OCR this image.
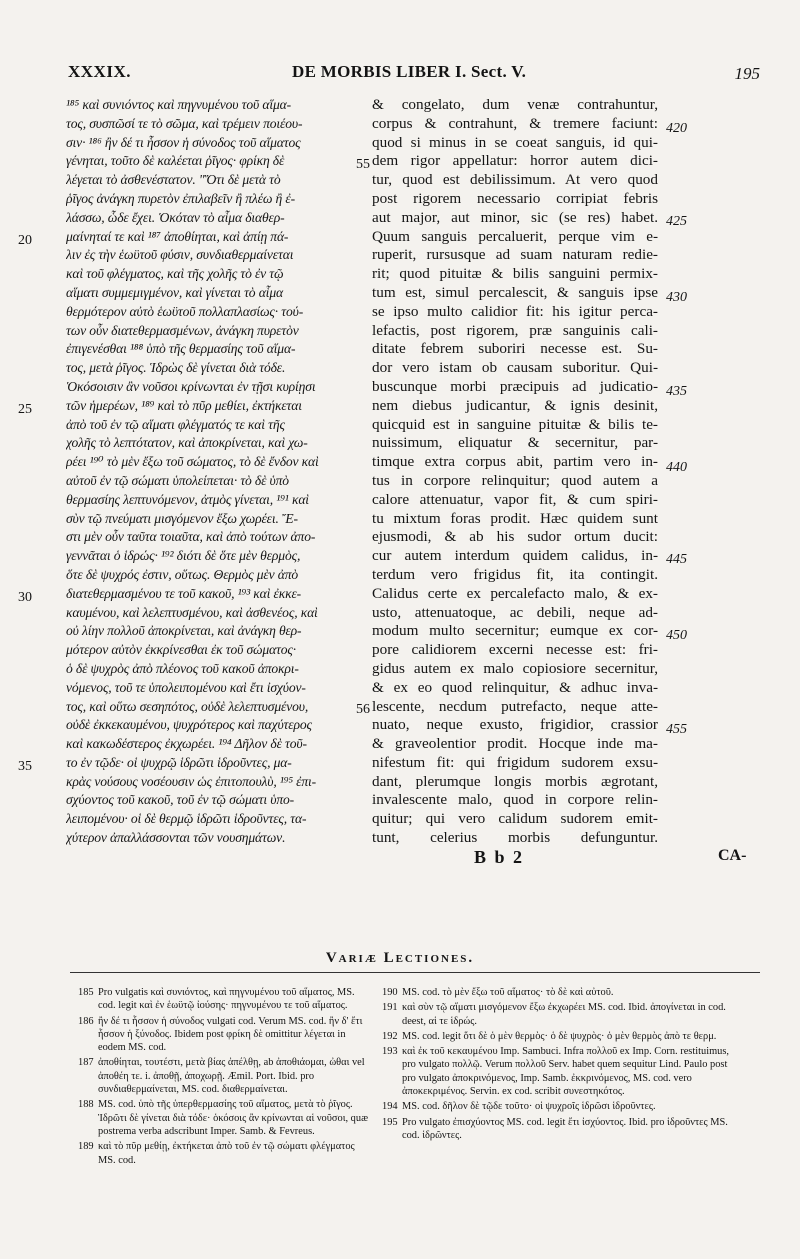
XXXIX.	DE MORBIS LIBER I. Sect. V.	195
¹⁸⁵ καὶ συνιόντος καὶ πηγνυμένου τοῦ αἵμα-
τος, συσπῶσί τε τὸ σῶμα, καὶ τρέμειν ποιέου-
σιν· ¹⁸⁶ ἢν δέ τι ἧσσον ἡ σύνοδος τοῦ αἵματος
γένηται, τοῦτο δὲ καλέεται ῥῖγος· φρίκη δὲ
λέγεται τὸ ἀσθενέστατον. "Ὅτι δὲ μετὰ τὸ
ῥῖγος ἀνάγκη πυρετὸν ἐπιλαβεῖν ἢ πλέω ἢ ἐ-
λάσσω, ὧδε ἔχει. Ὁκόταν τὸ αἷμα διαθερ-
μαίνηταί τε καὶ ¹⁸⁷ ἀποθίηται, καὶ ἀπίῃ πά-
λιν ἐς τὴν ἑωϋτοῦ φύσιν, συνδιαθερμαίνεται
καὶ τοῦ φλέγματος, καὶ τῆς χολῆς τὸ ἐν τῷ
αἵματι συμμεμιγμένον, καὶ γίνεται τὸ αἷμα
θερμότερον αὐτὸ ἑωϋτοῦ πολλαπλασίως· τού-
των οὖν διατεθερμασμένων, ἀνάγκη πυρετὸν
ἐπιγενέσθαι ¹⁸⁸ ὑπὸ τῆς θερμασίης τοῦ αἵμα-
τος, μετὰ ῥῖγος. Ἱδρὼς δὲ γίνεται διὰ τόδε.
Ὁκόσοισιν ἂν νοῦσοι κρίνωνται ἐν τῇσι κυρίῃσι
τῶν ἡμερέων, ¹⁸⁹ καὶ τὸ πῦρ μεθίει, ἐκτήκεται
ἀπὸ τοῦ ἐν τῷ αἵματι φλέγματός τε καὶ τῆς
χολῆς τὸ λεπτότατον, καὶ ἀποκρίνεται, καὶ χω-
ρέει ¹⁹⁰ τὸ μὲν ἔξω τοῦ σώματος, τὸ δὲ ἔνδον καὶ
αὐτοῦ ἐν τῷ σώματι ὑπολείπεται· τὸ δὲ ὑπὸ
θερμασίης λεπτυνόμενον, ἀτμὸς γίνεται, ¹⁹¹ καὶ
σὺν τῷ πνεύματι μισγόμενον ἔξω χωρέει. Ἔ-
στι μὲν οὖν ταῦτα τοιαῦτα, καὶ ἀπὸ τούτων ἀπο-
γεννᾶται ὁ ἱδρώς· ¹⁹² διότι δὲ ὅτε μὲν θερμὸς,
ὅτε δὲ ψυχρός ἐστιν, οὕτως. Θερμὸς μὲν ἀπὸ
διατεθερμασμένου τε τοῦ κακοῦ, ¹⁹³ καὶ ἐκκε-
καυμένου, καὶ λελεπτυσμένου, καὶ ἀσθενέος, καὶ
οὐ λίην πολλοῦ ἀποκρίνεται, καὶ ἀνάγκη θερ-
μότερον αὐτὸν ἐκκρίνεσθαι ἐκ τοῦ σώματος·
ὁ δὲ ψυχρὸς ἀπὸ πλέονος τοῦ κακοῦ ἀποκρι-
νόμενος, τοῦ τε ὑπολειπομένου καὶ ἔτι ἰσχύον-
τος, καὶ οὕτω σεσηπότος, οὐδὲ λελεπτυσμένου,
οὐδὲ ἐκκεκαυμένου, ψυχρότερος καὶ παχύτερος
καὶ κακωδέστερος ἐκχωρέει. ¹⁹⁴ Δῆλον δὲ τοῦ-
το ἐν τῷδε· οἱ ψυχρῷ ἱδρῶτι ἱδροῦντες, μα-
κρὰς νούσους νοσέουσιν ὡς ἐπιτοπουλὺ, ¹⁹⁵ ἐπι-
σχύοντος τοῦ κακοῦ, τοῦ ἐν τῷ σώματι ὑπο-
λειπομένου· οἱ δὲ θερμῷ ἱδρῶτι ἱδροῦντες, τα-
χύτερον ἀπαλλάσσονται τῶν νουσημάτων.
& congelato, dum venæ contrahuntur,
corpus & contrahunt, & tremere faciunt:
quod si minus in se coeat sanguis, id qui-
dem rigor appellatur: horror autem dici-
tur, quod est debilissimum. At vero quod
post rigorem necessario corripiat febris
aut major, aut minor, sic (se res) habet.
Quum sanguis percaluerit, perque vim e-
ruperit, rursusque ad suam naturam redie-
rit; quod pituitæ & bilis sanguini permix-
tum est, simul percalescit, & sanguis ipse
se ipso multo calidior fit: his igitur perca-
lefactis, post rigorem, præ sanguinis cali-
ditate febrem suboriri necesse est. Su-
dor vero istam ob causam suboritur. Qui-
buscunque morbi præcipuis ad judicatio-
nem diebus judicantur, & ignis desinit,
quicquid est in sanguine pituitæ & bilis te-
nuissimum, eliquatur & secernitur, par-
timque extra corpus abit, partim vero in-
tus in corpore relinquitur; quod autem a
calore attenuatur, vapor fit, & cum spiri-
tu mixtum foras prodit. Hæc quidem sunt
ejusmodi, & ab his sudor ortum ducit:
cur autem interdum quidem calidus, in-
terdum vero frigidus fit, ita contingit.
Calidus certe ex percalefacto malo, & ex-
usto, attenuatoque, ac debili, neque ad-
modum multo secernitur; eumque ex cor-
pore calidiorem excerni necesse est: fri-
gidus autem ex malo copiosiore secernitur,
& ex eo quod relinquitur, & adhuc inva-
lescente, necdum putrefacto, neque atte-
nuato, neque exusto, frigidior, crassior
& graveolentior prodit. Hocque inde ma-
nifestum fit: qui frigidum sudorem exsu-
dant, plerumque longis morbis ægrotant,
invalescente malo, quod in corpore relin-
quitur; qui vero calidum sudorem emit-
tunt, celerius morbis defunguntur.
20
25
30
35
55
56
420
425
430
435
440
445
450
455
B b 2	CA-
Variæ Lectiones.
185 Pro vulgatis καὶ συνιόντος, καὶ πηγνυμένου τοῦ αἵματος, MS. cod. legit καὶ ἐν ἑωϋτῷ ἰούσης· πηγνυμένου τε τοῦ αἵματος.
186 ἢν δέ τι ἧσσον ἡ σύνοδος vulgati cod. Verum MS. cod. ἢν δ' ἔτι ἧσσον ἡ ξύνοδος. Ibidem post φρίκη δὲ omittitur λέγεται in eodem MS. cod.
187 ἀποθίηται, τουτέστι, μετὰ βίας ἀπέλθῃ, ab ἀποθιάομαι, ὠθαι vel ἀποθέη τε. i. ἀποθῇ, ἀποχωρῇ. Æmil. Port. Ibid. pro συνδιαθερμαίνεται, MS. cod. διαθερμαίνεται.
188 MS. cod. ὑπὸ τῆς ὑπερθερμασίης τοῦ αἵματος, μετὰ τὸ ῥῖγος. Ἱδρῶτι δὲ γίνεται διὰ τόδε· ὁκόσοις ἂν κρίνωνται αἱ νοῦσοι, quæ postrema verba adscribunt Imper. Samb. & Fevreus.
189 καὶ τὸ πῦρ μεθίῃ, ἐκτήκεται ἀπὸ τοῦ ἐν τῷ σώματι φλέγματος MS. cod.
190 MS. cod. τὸ μὲν ἔξω τοῦ αἵματος· τὸ δὲ καὶ αὐτοῦ.
191 καὶ σὺν τῷ αἵματι μισγόμενον ἔξω ἐκχωρέει MS. cod. Ibid. ἀπογίνεται in cod. deest, αἱ τε ἱδρώς.
192 MS. cod. legit ὅτι δὲ ὁ μὲν θερμὸς· ὁ δὲ ψυχρὸς· ὁ μὲν θερμὸς ἀπὸ τε θερμ.
193 καὶ ἐκ τοῦ κεκαυμένου Imp. Sambuci. Infra πολλοῦ ex Imp. Corn. restituimus, pro vulgato πολλῷ. Verum πολλοῦ Serv. habet quem sequitur Lind. Paulo post pro vulgato ἀποκρινόμενος, Imp. Samb. ἐκκρινόμενος, MS. cod. vero ἀποκεκριμένος. Servin. ex cod. scribit συνεστηκότος.
194 MS. cod. δῆλον δὲ τῷδε τοῦτο· οἱ ψυχροῖς ἱδρῶσι ἱδροῦντες.
195 Pro vulgato ἐπισχύοντος MS. cod. legit ἔτι ἰσχύοντος. Ibid. pro ἱδροῦντες MS. cod. ἱδρῶντες.
